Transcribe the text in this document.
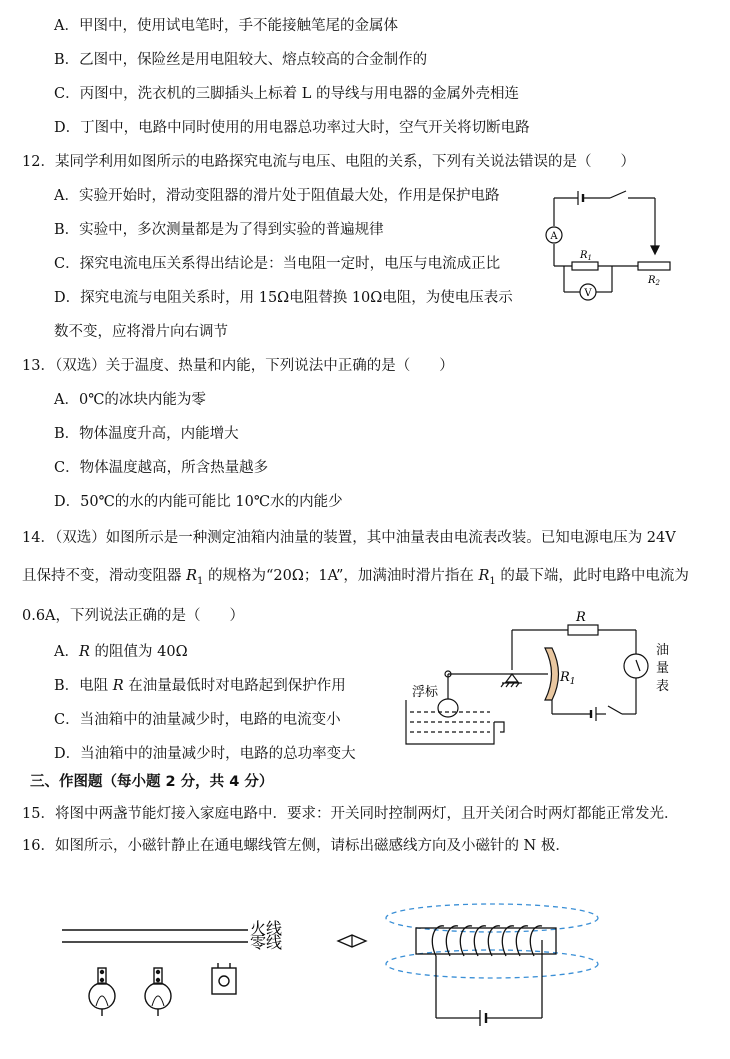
A．甲图中，使用试电笔时，手不能接触笔尾的金属体
B．乙图中，保险丝是用电阻较大、熔点较高的合金制作的
C．丙图中，洗衣机的三脚插头上标着 L 的导线与用电器的金属外壳相连
D．丁图中，电路中同时使用的用电器总功率过大时，空气开关将切断电路
12．某同学利用如图所示的电路探究电流与电压、电阻的关系，下列有关说法错误的是（　　）
A．实验开始时，滑动变阻器的滑片处于阻值最大处，作用是保护电路
B．实验中，多次测量都是为了得到实验的普遍规律
C．探究电流电压关系得出结论是：当电阻一定时，电压与电流成正比
D．探究电流与电阻关系时，用 15Ω电阻替换 10Ω电阻，为使电压表示
数不变，应将滑片向右调节
A
V
$R_1$
$R_2$
13．（双选）关于温度、热量和内能，下列说法中正确的是（　　）
A．0℃的冰块内能为零
B．物体温度升高，内能增大
C．物体温度越高，所含热量越多
D．50℃的水的内能可能比 10℃水的内能少
14．（双选）如图所示是一种测定油箱内油量的装置，其中油量表由电流表改装。已知电源电压为 24V
且保持不变，滑动变阻器 $R_1$ 的规格为“20Ω；1A”，加满油时滑片指在 $R_1$ 的最下端，此时电路中电流为
0.6A，下列说法正确的是（　　）
A．R 的阻值为 40Ω
B．电阻 R 在油量最低时对电路起到保护作用
C．当油箱中的油量减少时，电路的电流变小
D．当油箱中的油量减少时，电路的总功率变大
R
$R_1$
浮标
油
量
表
三、作图题（每小题 2 分，共 4 分）
15．将图中两盏节能灯接入家庭电路中．要求：开关同时控制两灯，且开关闭合时两灯都能正常发光．
16．如图所示，小磁针静止在通电螺线管左侧，请标出磁感线方向及小磁针的 N 极．
火线
零线
